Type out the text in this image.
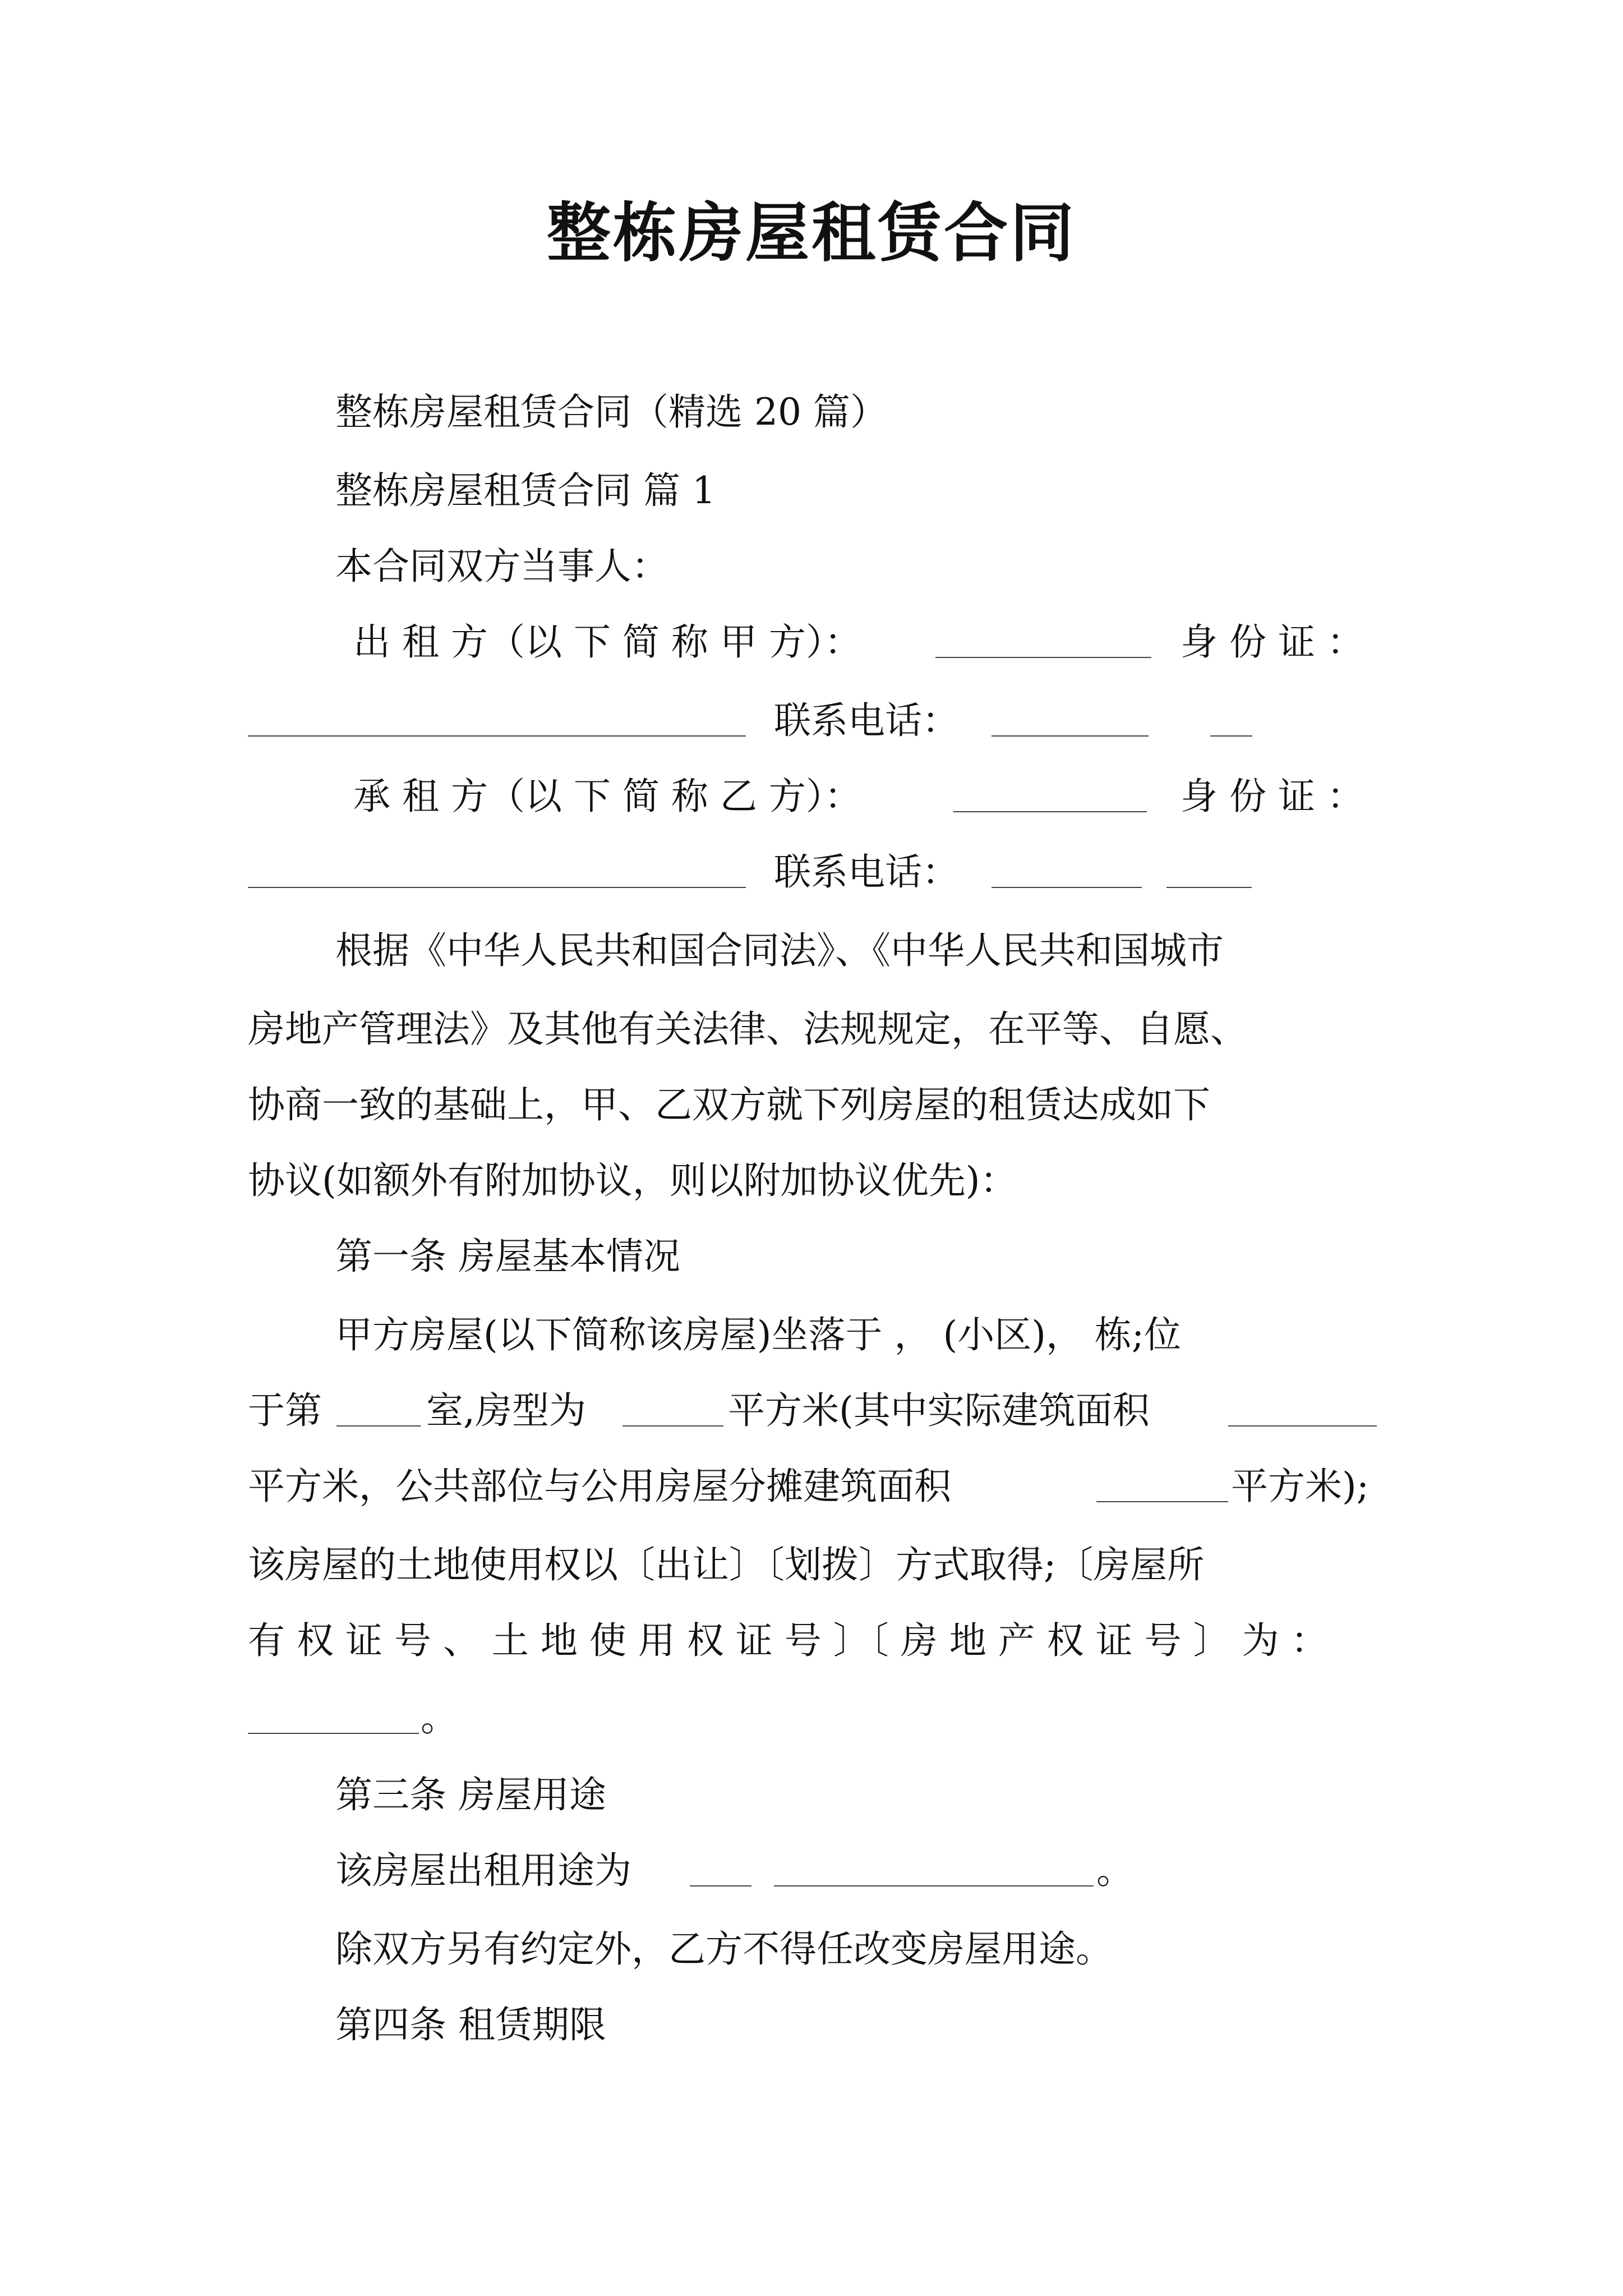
整栋房屋租赁合同
整栋房屋租赁合同（精选 20 篇）
整栋房屋租赁合同 篇 1
本合同双方当事人：
出 租 方（以 下 简 称 甲 方）：	身 份 证 ：
联系电话：
承 租 方（以 下 简 称 乙 方）：	身 份 证 ：
联系电话：
根据《中华人民共和国合同法》、《中华人民共和国城市
房地产管理法》及其他有关法律、法规规定，在平等、自愿、
协商一致的基础上，甲、乙双方就下列房屋的租赁达成如下
协议(如额外有附加协议，则以附加协议优先)：
第一条 房屋基本情况
甲方房屋(以下简称该房屋)坐落于 ， (小区)， 栋;位
于第	室,房型为	平方米(其中实际建筑面积
平方米，公共部位与公用房屋分摊建筑面积	平方米);
该房屋的土地使用权以〔出让〕〔划拨〕方式取得;〔房屋所
有 权 证 号 、 土 地 使 用 权 证 号 〕〔 房 地 产 权 证 号 〕 为 ：
。
第三条 房屋用途
该房屋出租用途为	。
除双方另有约定外，乙方不得任改变房屋用途。
第四条 租赁期限
